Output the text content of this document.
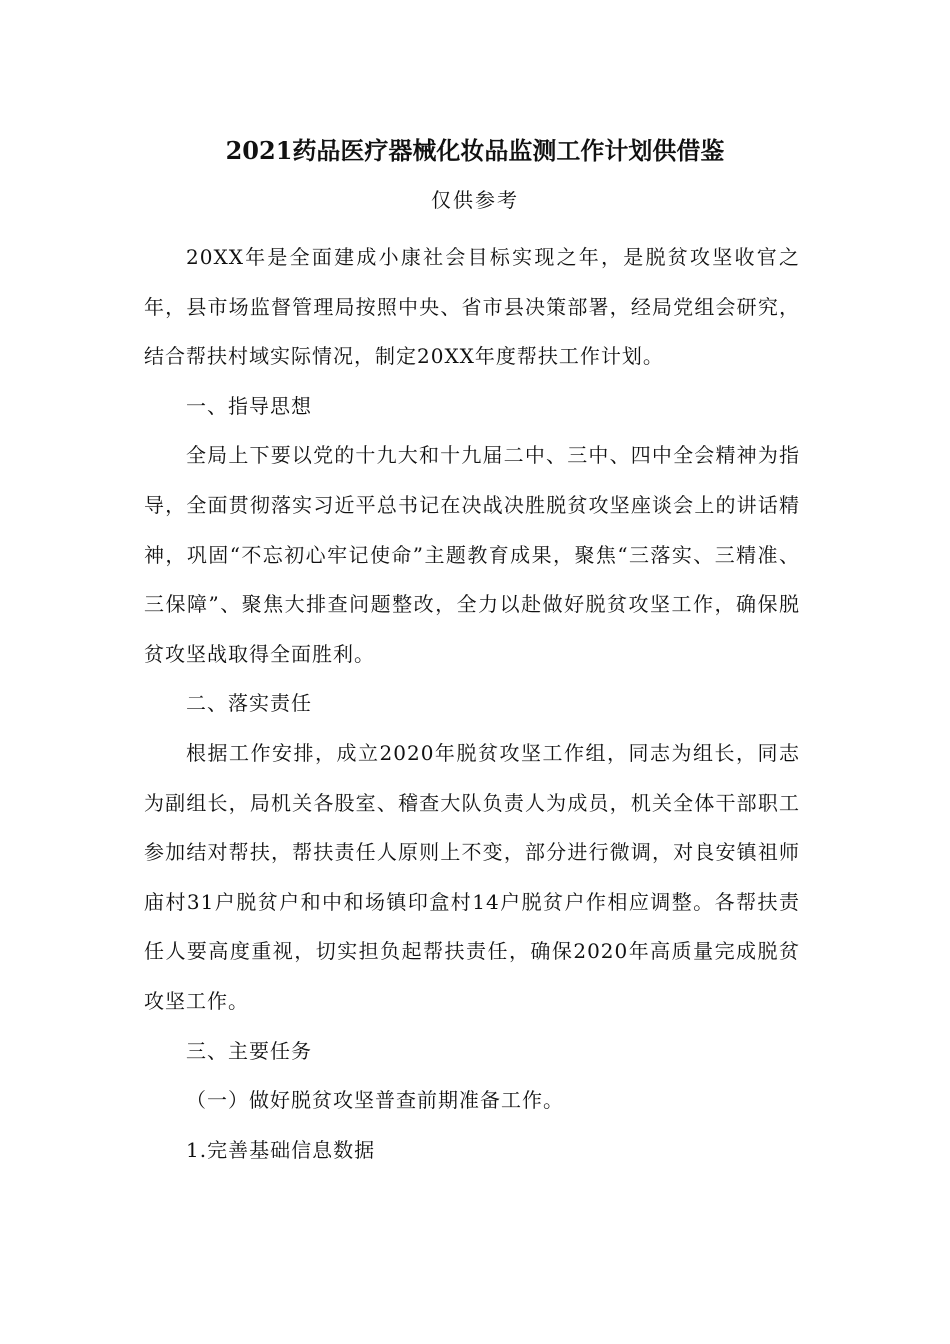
2021药品医疗器械化妆品监测工作计划供借鉴
仅供参考

20XX年是全面建成小康社会目标实现之年，是脱贫攻坚收官之年，县市场监督管理局按照中央、省市县决策部署，经局党组会研究，结合帮扶村域实际情况，制定20XX年度帮扶工作计划。

一、指导思想

全局上下要以党的十九大和十九届二中、三中、四中全会精神为指导，全面贯彻落实习近平总书记在决战决胜脱贫攻坚座谈会上的讲话精神，巩固“不忘初心牢记使命”主题教育成果，聚焦“三落实、三精准、三保障”、聚焦大排查问题整改，全力以赴做好脱贫攻坚工作，确保脱贫攻坚战取得全面胜利。

二、落实责任

根据工作安排，成立2020年脱贫攻坚工作组，同志为组长，同志为副组长，局机关各股室、稽查大队负责人为成员，机关全体干部职工参加结对帮扶，帮扶责任人原则上不变，部分进行微调，对良安镇祖师庙村31户脱贫户和中和场镇印盒村14户脱贫户作相应调整。各帮扶责任人要高度重视，切实担负起帮扶责任，确保2020年高质量完成脱贫攻坚工作。

三、主要任务

（一）做好脱贫攻坚普查前期准备工作。

1.完善基础信息数据
